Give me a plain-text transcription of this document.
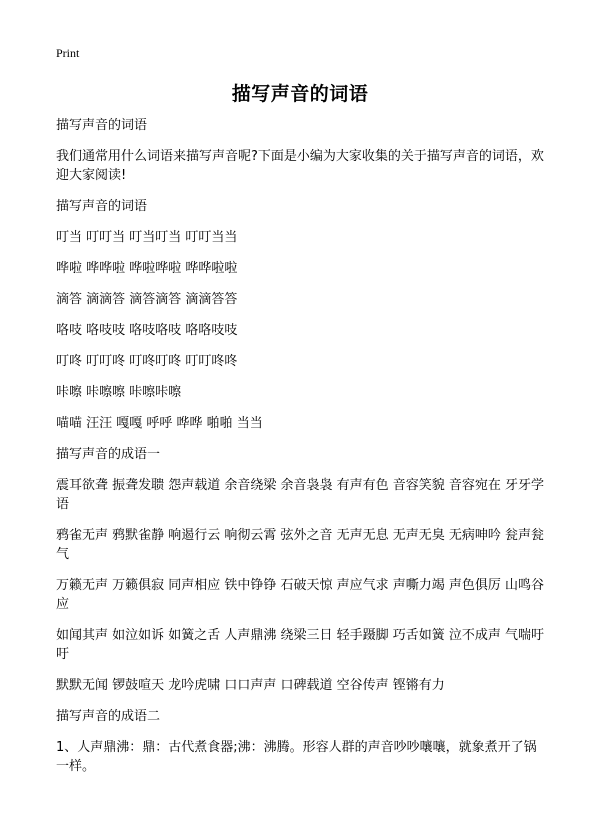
Print
描写声音的词语

描写声音的词语

我们通常用什么词语来描写声音呢?下面是小编为大家收集的关于描写声音的词语，欢迎大家阅读!

描写声音的词语

叮当 叮叮当 叮当叮当 叮叮当当

哗啦 哗哗啦 哗啦哗啦 哗哗啦啦

滴答 滴滴答 滴答滴答 滴滴答答

咯吱 咯吱吱 咯吱咯吱 咯咯吱吱

叮咚 叮叮咚 叮咚叮咚 叮叮咚咚

咔嚓 咔嚓嚓 咔嚓咔嚓

喵喵 汪汪 嘎嘎 呼呼 哗哗 啪啪 当当

描写声音的成语一

震耳欲聋 振聋发聩 怨声载道 余音绕梁 余音袅袅 有声有色 音容笑貌 音容宛在 牙牙学语

鸦雀无声 鸦默雀静 响遏行云 响彻云霄 弦外之音 无声无息 无声无臭 无病呻吟 瓮声瓮气

万籁无声 万籁俱寂 同声相应 铁中铮铮 石破天惊 声应气求 声嘶力竭 声色俱厉 山鸣谷应

如闻其声 如泣如诉 如簧之舌 人声鼎沸 绕梁三日 轻手蹑脚 巧舌如簧 泣不成声 气喘吁吁

默默无闻 锣鼓喧天 龙吟虎啸 口口声声 口碑载道 空谷传声 铿锵有力

描写声音的成语二

1、人声鼎沸：鼎：古代煮食器;沸：沸腾。形容人群的声音吵吵嚷嚷，就象煮开了锅一样。
